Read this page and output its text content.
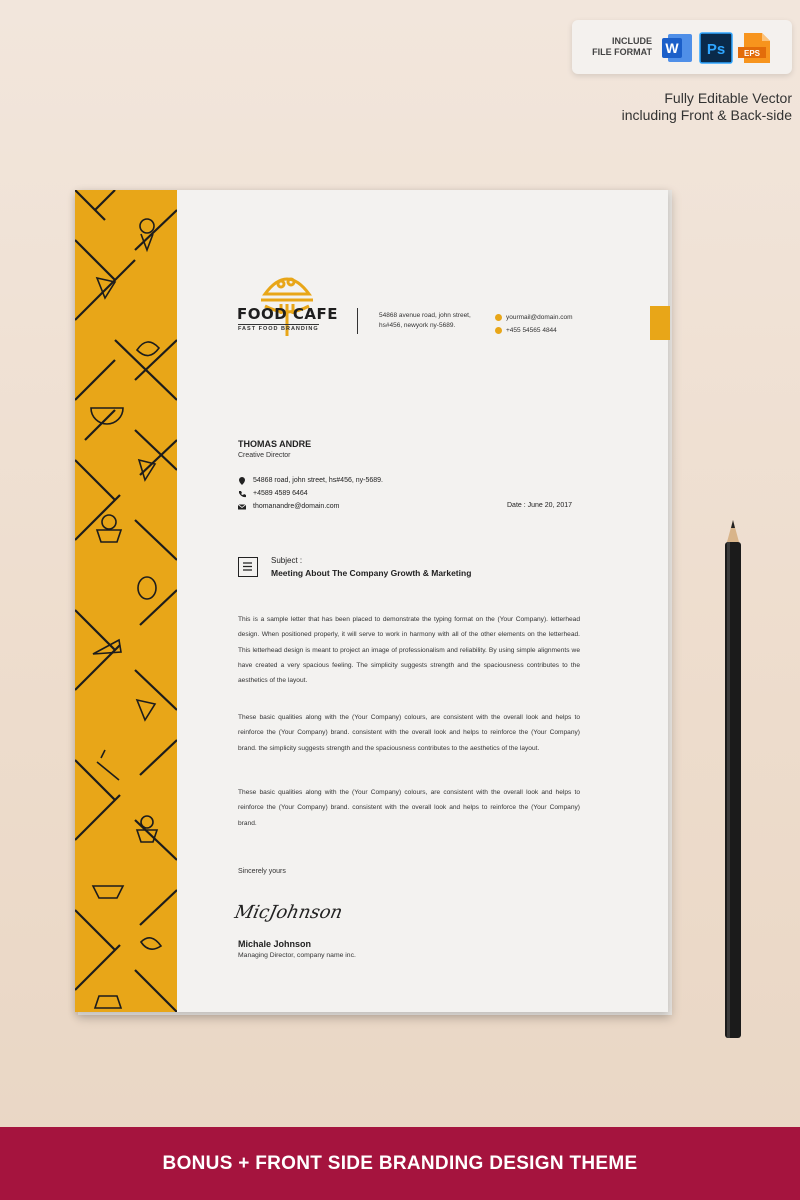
INCLUDE
FILE FORMAT W Ps EPS
Fully Editable Vector
including Front & Back-side
FOOD CAFE
FAST FOOD BRANDING
54868 avenue road, john street,
hs#456, newyork ny-5689.
yourmail@domain.com
+455 54565 4844
THOMAS ANDRE
Creative Director
54868 road, john street, hs#456, ny-5689.
+4589 4589 6464
thomanandre@domain.com	Date : June 20, 2017
Subject :
Meeting About The Company Growth & Marketing
This is a sample letter that has been placed to demonstrate the typing format on the (Your Company). letterhead design. When positioned properly, it will serve to work in harmony with all of the other elements on the letterhead. This letterhead design is meant to project an image of professionalism and reliability. By using simple alignments we have created a very spacious feeling. The simplicity suggests strength and the spaciousness contributes to the aesthetics of the layout.
These basic qualities along with the (Your Company) colours, are consistent with the overall look and helps to reinforce the (Your Company) brand. consistent with the overall look and helps to reinforce the (Your Company) brand. the simplicity suggests strength and the spaciousness contributes to the aesthetics of the layout.
These basic qualities along with the (Your Company) colours, are consistent with the overall look and helps to reinforce the (Your Company) brand. consistent with the overall look and helps to reinforce the (Your Company) brand.
Sincerely yours
MicJohnson
Michale Johnson
Managing Director, company name inc.
BONUS + FRONT SIDE BRANDING DESIGN THEME
